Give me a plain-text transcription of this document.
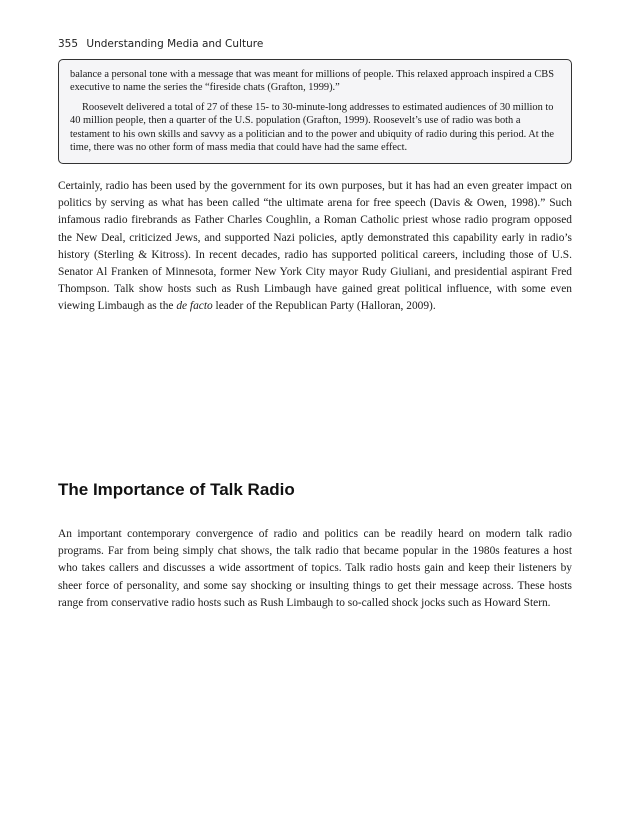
355 Understanding Media and Culture

balance a personal tone with a message that was meant for millions of people. This relaxed approach inspired a CBS executive to name the series the “fireside chats (Grafton, 1999).”

Roosevelt delivered a total of 27 of these 15- to 30-minute-long addresses to estimated audiences of 30 million to 40 million people, then a quarter of the U.S. population (Grafton, 1999). Roosevelt’s use of radio was both a testament to his own skills and savvy as a politician and to the power and ubiquity of radio during this period. At the time, there was no other form of mass media that could have had the same effect.

Certainly, radio has been used by the government for its own purposes, but it has had an even greater impact on politics by serving as what has been called “the ultimate arena for free speech (Davis & Owen, 1998).” Such infamous radio firebrands as Father Charles Coughlin, a Roman Catholic priest whose radio program opposed the New Deal, criticized Jews, and supported Nazi policies, aptly demonstrated this capability early in radio’s history (Sterling & Kitross). In recent decades, radio has supported political careers, including those of U.S. Senator Al Franken of Minnesota, former New York City mayor Rudy Giuliani, and presidential aspirant Fred Thompson. Talk show hosts such as Rush Limbaugh have gained great political influence, with some even viewing Limbaugh as the de facto leader of the Republican Party (Halloran, 2009).

The Importance of Talk Radio

An important contemporary convergence of radio and politics can be readily heard on modern talk radio programs. Far from being simply chat shows, the talk radio that became popular in the 1980s features a host who takes callers and discusses a wide assortment of topics. Talk radio hosts gain and keep their listeners by sheer force of personality, and some say shocking or insulting things to get their message across. These hosts range from conservative radio hosts such as Rush Limbaugh to so-called shock jocks such as Howard Stern.
